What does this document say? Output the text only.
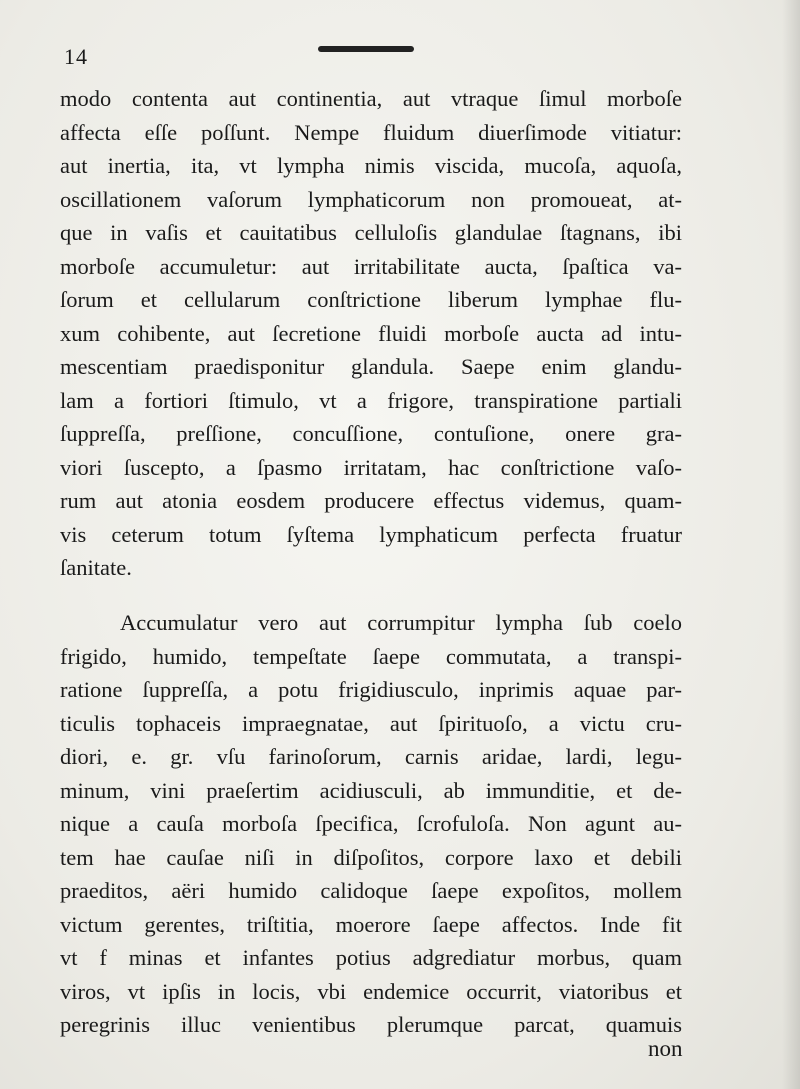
14
modo contenta aut continentia, aut vtraque ſimul morboſe
affecta eſſe poſſunt. Nempe fluidum diuerſimode vitiatur:
aut inertia, ita, vt lympha nimis viscida, mucoſa, aquoſa,
oscillationem vaſorum lymphaticorum non promoueat, at-
que in vaſis et cauitatibus celluloſis glandulae ſtagnans, ibi
morboſe accumuletur: aut irritabilitate aucta, ſpaſtica va-
ſorum et cellularum conſtrictione liberum lymphae flu-
xum cohibente, aut ſecretione fluidi morboſe aucta ad intu-
mescentiam praedisponitur glandula. Saepe enim glandu-
lam a fortiori ſtimulo, vt a frigore, transpiratione partiali
ſuppreſſa, preſſione, concuſſione, contuſione, onere gra-
viori ſuscepto, a ſpasmo irritatam, hac conſtrictione vaſo-
rum aut atonia eosdem producere effectus videmus, quam-
vis ceterum totum ſyſtema lymphaticum perfecta fruatur
ſanitate.
Accumulatur vero aut corrumpitur lympha ſub coelo
frigido, humido, tempeſtate ſaepe commutata, a transpi-
ratione ſuppreſſa, a potu frigidiusculo, inprimis aquae par-
ticulis tophaceis impraegnatae, aut ſpirituoſo, a victu cru-
diori, e. gr. vſu farinoſorum, carnis aridae, lardi, legu-
minum, vini praeſertim acidiusculi, ab immunditie, et de-
nique a cauſa morboſa ſpecifica, ſcrofuloſa. Non agunt au-
tem hae cauſae niſi in diſpoſitos, corpore laxo et debili
praeditos, aëri humido calidoque ſaepe expoſitos, mollem
victum gerentes, triſtitia, moerore ſaepe affectos. Inde fit
vt f minas et infantes potius adgrediatur morbus, quam
viros, vt ipſis in locis, vbi endemice occurrit, viatoribus et
peregrinis illuc venientibus plerumque parcat, quamuis
non
